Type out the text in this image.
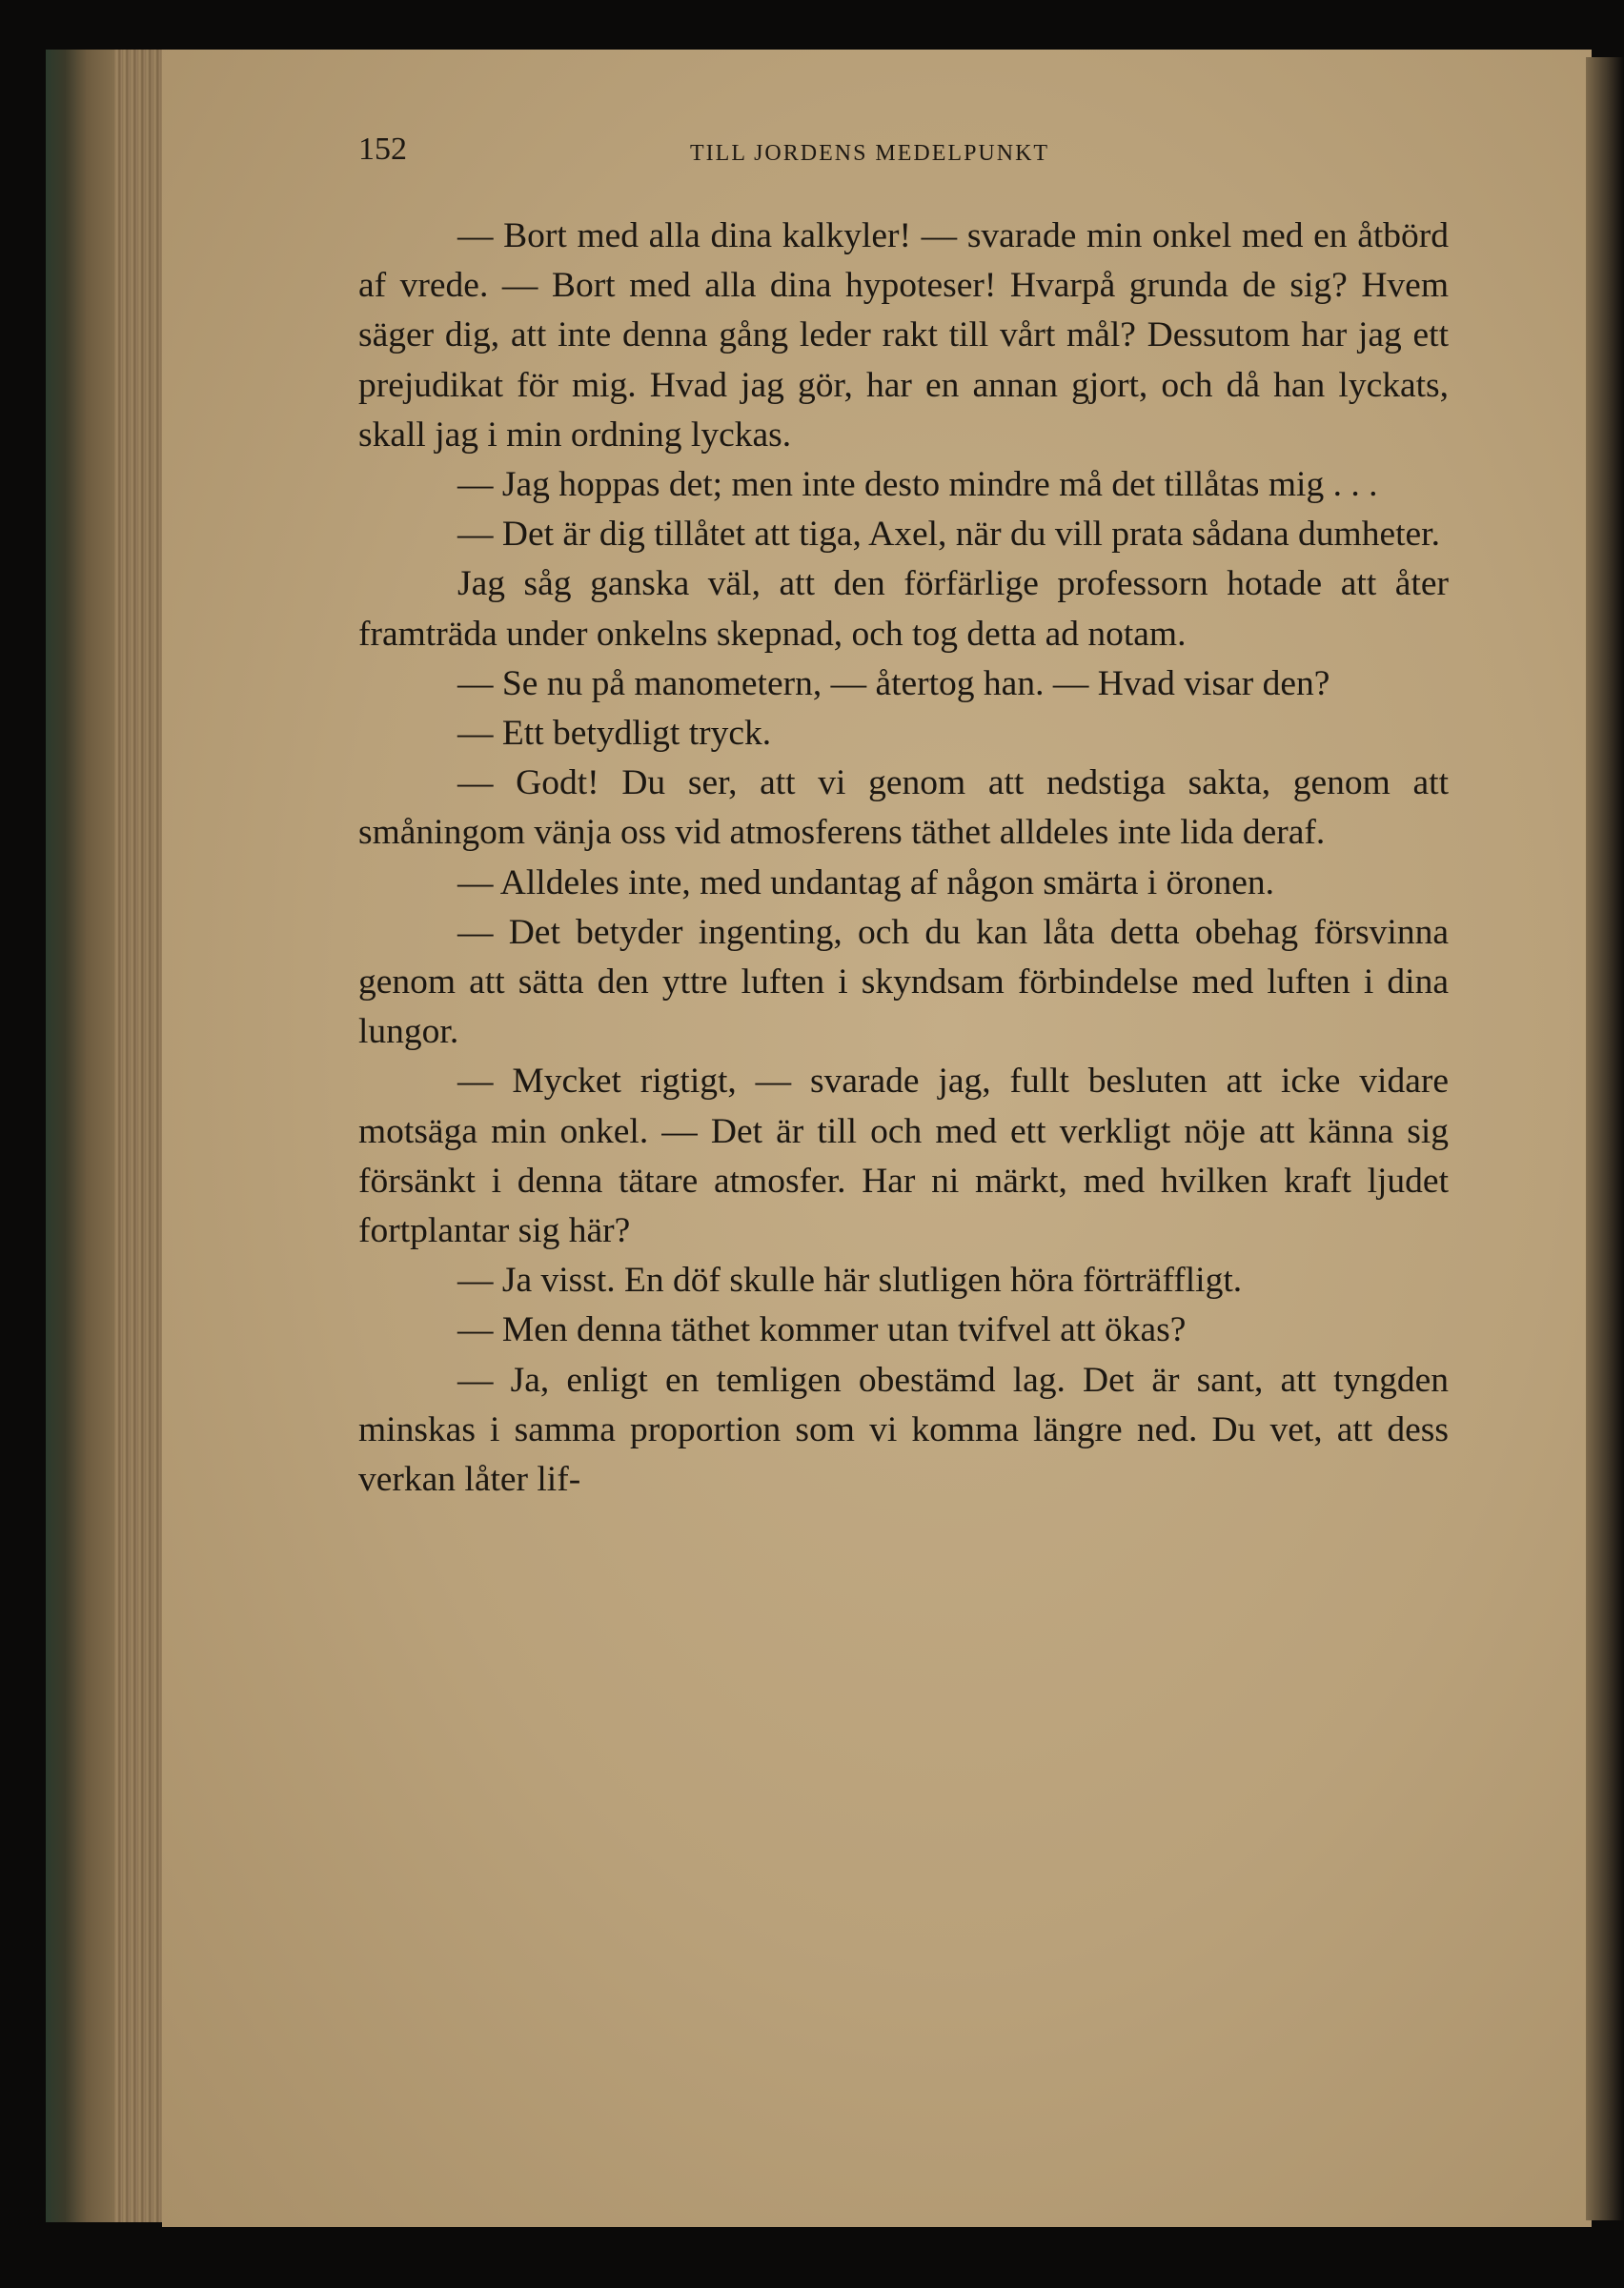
152	TILL JORDENS MEDELPUNKT

— Bort med alla dina kalkyler! — svarade min onkel med en åtbörd af vrede. — Bort med alla dina hypoteser! Hvarpå grunda de sig? Hvem säger dig, att inte denna gång leder rakt till vårt mål? Dessutom har jag ett prejudikat för mig. Hvad jag gör, har en annan gjort, och då han lyckats, skall jag i min ordning lyckas.

— Jag hoppas det; men inte desto mindre må det tillåtas mig . . .

— Det är dig tillåtet att tiga, Axel, när du vill prata sådana dumheter.

Jag såg ganska väl, att den förfärlige professorn hotade att åter framträda under onkelns skepnad, och tog detta ad notam.

— Se nu på manometern, — återtog han. — Hvad visar den?

— Ett betydligt tryck.

— Godt! Du ser, att vi genom att nedstiga sakta, genom att småningom vänja oss vid atmosferens täthet alldeles inte lida deraf.

— Alldeles inte, med undantag af någon smärta i öronen.

— Det betyder ingenting, och du kan låta detta obehag försvinna genom att sätta den yttre luften i skyndsam förbindelse med luften i dina lungor.

— Mycket rigtigt, — svarade jag, fullt besluten att icke vidare motsäga min onkel. — Det är till och med ett verkligt nöje att känna sig försänkt i denna tätare atmosfer. Har ni märkt, med hvilken kraft ljudet fortplantar sig här?

— Ja visst. En döf skulle här slutligen höra förträffligt.

— Men denna täthet kommer utan tvifvel att ökas?

— Ja, enligt en temligen obestämd lag. Det är sant, att tyngden minskas i samma proportion som vi komma längre ned. Du vet, att dess verkan låter lif-
